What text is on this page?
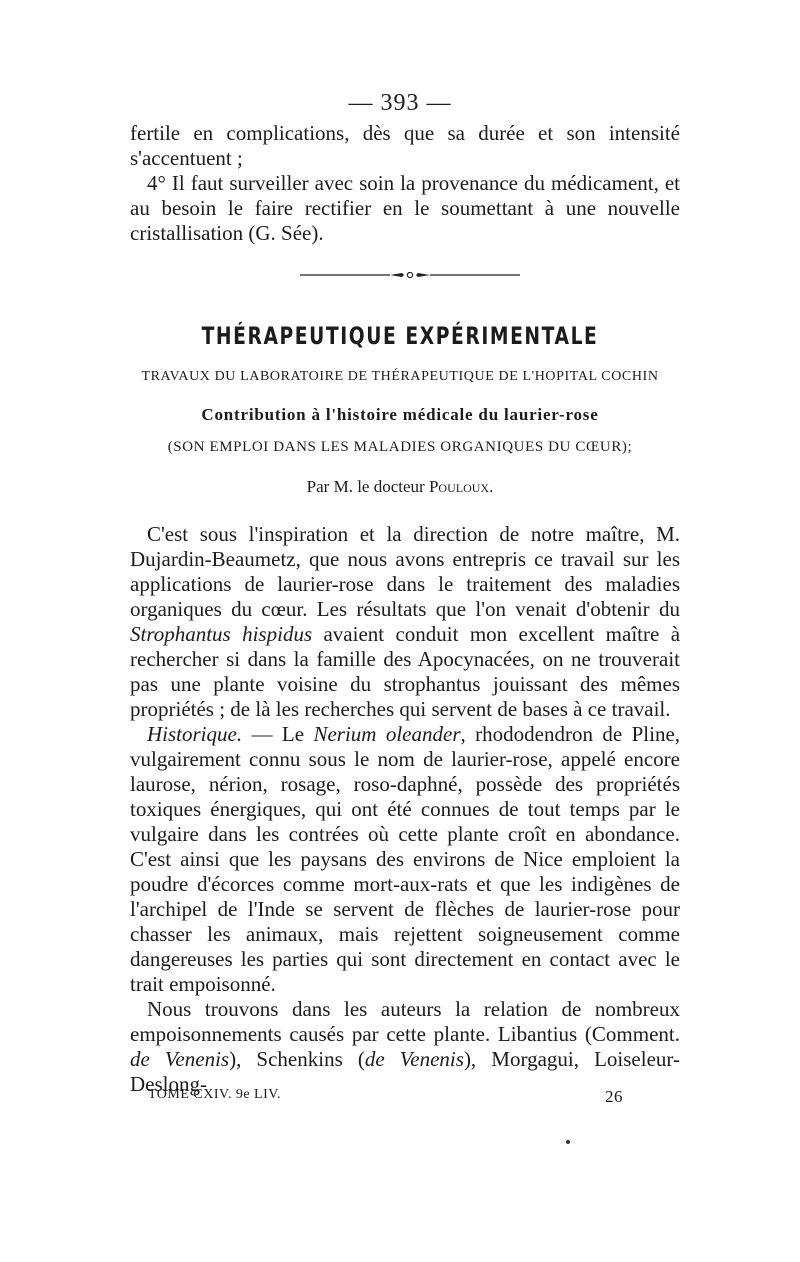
— 393 —

fertile en complications, dès que sa durée et son intensité s'accentuent ;

4° Il faut surveiller avec soin la provenance du médicament, et au besoin le faire rectifier en le soumettant à une nouvelle cristallisation (G. Sée).

THÉRAPEUTIQUE EXPÉRIMENTALE
TRAVAUX DU LABORATOIRE DE THÉRAPEUTIQUE DE L'HOPITAL COCHIN
Contribution à l'histoire médicale du laurier-rose
(SON EMPLOI DANS LES MALADIES ORGANIQUES DU CŒUR);
Par M. le docteur Pouloux.

C'est sous l'inspiration et la direction de notre maître, M. Dujardin-Beaumetz, que nous avons entrepris ce travail sur les applications de laurier-rose dans le traitement des maladies organiques du cœur. Les résultats que l'on venait d'obtenir du Strophantus hispidus avaient conduit mon excellent maître à rechercher si dans la famille des Apocynacées, on ne trouverait pas une plante voisine du strophantus jouissant des mêmes propriétés ; de là les recherches qui servent de bases à ce travail.

Historique. — Le Nerium oleander, rhododendron de Pline, vulgairement connu sous le nom de laurier-rose, appelé encore laurose, nérion, rosage, roso-daphné, possède des propriétés toxiques énergiques, qui ont été connues de tout temps par le vulgaire dans les contrées où cette plante croît en abondance. C'est ainsi que les paysans des environs de Nice emploient la poudre d'écorces comme mort-aux-rats et que les indigènes de l'archipel de l'Inde se servent de flèches de laurier-rose pour chasser les animaux, mais rejettent soigneusement comme dangereuses les parties qui sont directement en contact avec le trait empoisonné.

Nous trouvons dans les auteurs la relation de nombreux empoisonnements causés par cette plante. Libantius (Comment. de Venenis), Schenkins (de Venenis), Morgagui, Loiseleur-Deslong-

TOME CXIV. 9e LIV.	26
